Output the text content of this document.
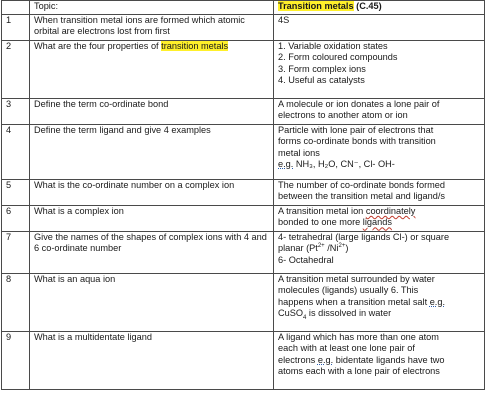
	Topic:	Transition metals (C.45)
1	When transition metal ions are formed which atomic orbital are electrons lost from first	4S

2	What are the four properties of transition metals	1. Variable oxidation states
2. Form coloured compounds
3. Form complex ions
4. Useful as catalysts

3	Define the term co-ordinate bond	A molecule or ion donates a lone pair of
electrons to another atom or ion

4	Define the term ligand and give 4 examples	Particle with lone pair of electrons that
forms co-ordinate bonds with transition
metal ions
e.g. NH₃, H₂O, CN⁻, Cl- OH-

5	What is the co-ordinate number on a complex ion	The number of co-ordinate bonds formed
between the transition metal and ligand/s

6	What is a complex ion	A transition metal ion coordinately
bonded to one more ligands

7	Give the names of the shapes of complex ions with 4 and 6 co-ordinate number	4- tetrahedral (large ligands Cl-) or square
planar ($Pt^{2+}$ $/Ni^{2+}$)
6- Octahedral

8	What is an aqua ion	A transition metal surrounded by water
molecules (ligands) usually 6. This
happens when a transition metal salt e.g.
CuSO$_4$ is dissolved in water

9	What is a multidentate ligand	A ligand which has more than one atom
each with at least one lone pair of
electrons e.g. bidentate ligands have two
atoms each with a lone pair of electrons
